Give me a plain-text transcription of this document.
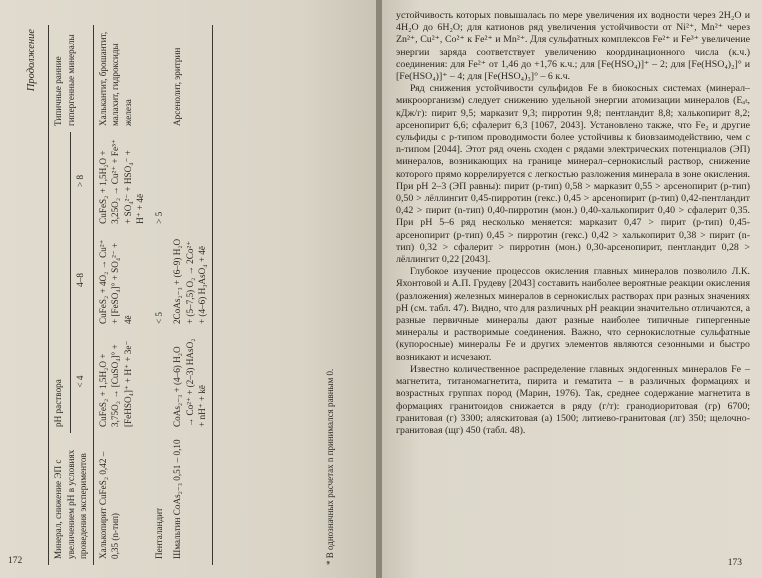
Продолжение
Минерал, снижение ЭП с увеличением pH в условиях проведения экспериментов	pH раствора			Типичные ранние гипергенные минералы
	< 4	4–8	> 8	
Халькопирит CuFeS₂ 0,42 – 0,35 (n-тип)	CuFeS₂ + 1,5H₂O + 3,75O₂ → [CuSO₄]° + [FeHSO₄]⁺ + H⁺ + 3e⁻	CuFeS₂ + 4O₂ → Cu²⁺ + [FeSO₄]° + SO₄²⁻ + 4ē	CuFeS₂ + 1,5H₂O + 3,25O₂ → Cu²⁺ + Fe³⁺ + SO₄²⁻ + HSO₄⁻ + H⁺ + 4ē	Халькантит, брошантит, малахит, гидроксиды железа
Пенталандит		< 5	> 5	
Шмальтин CoAs₂₋₃ 0,51 – 0,10	CoAs₂₋₃ + (4–6) H₂O → Co²⁺ + (2–3) HAsO₂ + nH⁺ + kē	2CoAs₂₋₃ + (6–9) H₂O + (5–7,5) O₂ → 2Co²⁺ + (4–6) H₃AsO₄ + 4ē		Арсенолит, эритрин
* В однозначных расчетах n принимался равным 0.
172

устойчивость которых повышалась по мере увеличения их водности через 2H₂O и 4H₂O до 6H₂O; для катионов ряд увеличения устойчивости от Ni²⁺, Mn²⁺ через Zn²⁺, Cu²⁺, Co²⁺ к Fe²⁺ и Mn²⁺. Для сульфатных комплексов Fe²⁺ и Fe³⁺ увеличение энергии заряда соответствует увеличению координационного числа (к.ч.) соединения: для Fe²⁺ от 1,46 до +1,76 к.ч.; для [Fe(HSO₄)]⁺ – 2; для [Fe(HSO₄)₂]° и [Fe(HSO₄)]⁺ – 4; для [Fe(HSO₄)₃]° – 6 к.ч.

Ряд снижения устойчивости сульфидов Fe в биокосных системах (минерал–микроорганизм) следует снижению удельной энергии атомизации минералов (Eₐₜ, кДж/г): пирит 9,5; марказит 9,3; пирротин 9,8; пентландит 8,8; халькопирит 8,2; арсенопирит 6,6; сфалерит 6,3 [1067, 2043]. Установлено также, что Fe₂ и другие сульфиды с p-типом проводимости более устойчивы к биовзаимодействию, чем с n-типом [2044]. Этот ряд очень сходен с рядами электрических потенциалов (ЭП) минералов, возникающих на границе минерал–сернокислый раствор, снижение которого прямо коррелируется с легкостью разложения минерала в зоне окисления. При pH 2–3 (ЭП равны): пирит (p-тип) 0,58 > марказит 0,55 > арсенопирит (p-тип) 0,50 > лёллингит 0,45-пирротин (гекс.) 0,45 > арсенопирит (p-тип) 0,42-пентландит 0,42 > пирит (n-тип) 0,40-пирротин (мон.) 0,40-халькопирит 0,40 > сфалерит 0,35. При pH 5–6 ряд несколько меняется: марказит 0,47 > пирит (p-тип) 0,45-арсенопирит (p-тип) 0,45 > пирротин (гекс.) 0,42 > халькопирит 0,38 > пирит (n-тип) 0,32 > сфалерит > пирротин (мон.) 0,30-арсенопирит, пентландит 0,28 > лёллингит 0,22 [2043].

Глубокое изучение процессов окисления главных минералов позволило Л.К. Яхонтовой и А.П. Грудеву [2043] составить наиболее вероятные реакции окисления (разложения) железных минералов в сернокислых растворах при разных значениях pH (см. табл. 47). Видно, что для различных pH реакции значительно отличаются, а разные первичные минералы дают разные наиболее типичные гипергенные минералы и растворимые соединения. Важно, что сернокислотные сульфатные (купоросные) минералы Fe и других элементов являются сезонными и быстро возникают и исчезают.

Известно количественное распределение главных эндогенных минералов Fe – магнетита, титаномагнетита, пирита и гематита – в различных формациях и возрастных группах пород (Марин, 1976). Так, среднее содержание магнетита в формациях гранитоидов снижается в ряду (г/т): гранодиоритовая (гр) 6700; гранитовая (г) 3300; аляскитовая (а) 1500; литиево-гранитовая (лг) 350; щелочно-гранитовая (щг) 450 (табл. 48).

173
